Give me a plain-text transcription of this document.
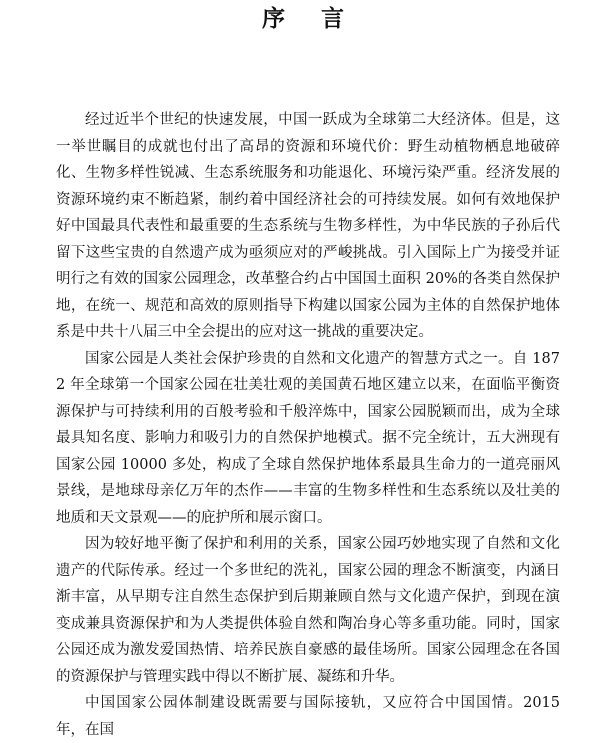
序 言

经过近半个世纪的快速发展，中国一跃成为全球第二大经济体。但是，这一举世瞩目的成就也付出了高昂的资源和环境代价：野生动植物栖息地破碎化、生物多样性锐减、生态系统服务和功能退化、环境污染严重。经济发展的资源环境约束不断趋紧，制约着中国经济社会的可持续发展。如何有效地保护好中国最具代表性和最重要的生态系统与生物多样性，为中华民族的子孙后代留下这些宝贵的自然遗产成为亟须应对的严峻挑战。引入国际上广为接受并证明行之有效的国家公园理念，改革整合约占中国国土面积 20%的各类自然保护地，在统一、规范和高效的原则指导下构建以国家公园为主体的自然保护地体系是中共十八届三中全会提出的应对这一挑战的重要决定。

国家公园是人类社会保护珍贵的自然和文化遗产的智慧方式之一。自 1872 年全球第一个国家公园在壮美壮观的美国黄石地区建立以来，在面临平衡资源保护与可持续利用的百般考验和千般淬炼中，国家公园脱颖而出，成为全球最具知名度、影响力和吸引力的自然保护地模式。据不完全统计，五大洲现有国家公园 10000 多处，构成了全球自然保护地体系最具生命力的一道亮丽风景线，是地球母亲亿万年的杰作——丰富的生物多样性和生态系统以及壮美的地质和天文景观——的庇护所和展示窗口。

因为较好地平衡了保护和利用的关系，国家公园巧妙地实现了自然和文化遗产的代际传承。经过一个多世纪的洗礼，国家公园的理念不断演变，内涵日渐丰富，从早期专注自然生态保护到后期兼顾自然与文化遗产保护，到现在演变成兼具资源保护和为人类提供体验自然和陶冶身心等多重功能。同时，国家公园还成为激发爱国热情、培养民族自豪感的最佳场所。国家公园理念在各国的资源保护与管理实践中得以不断扩展、凝练和升华。

中国国家公园体制建设既需要与国际接轨，又应符合中国国情。2015 年，在国
